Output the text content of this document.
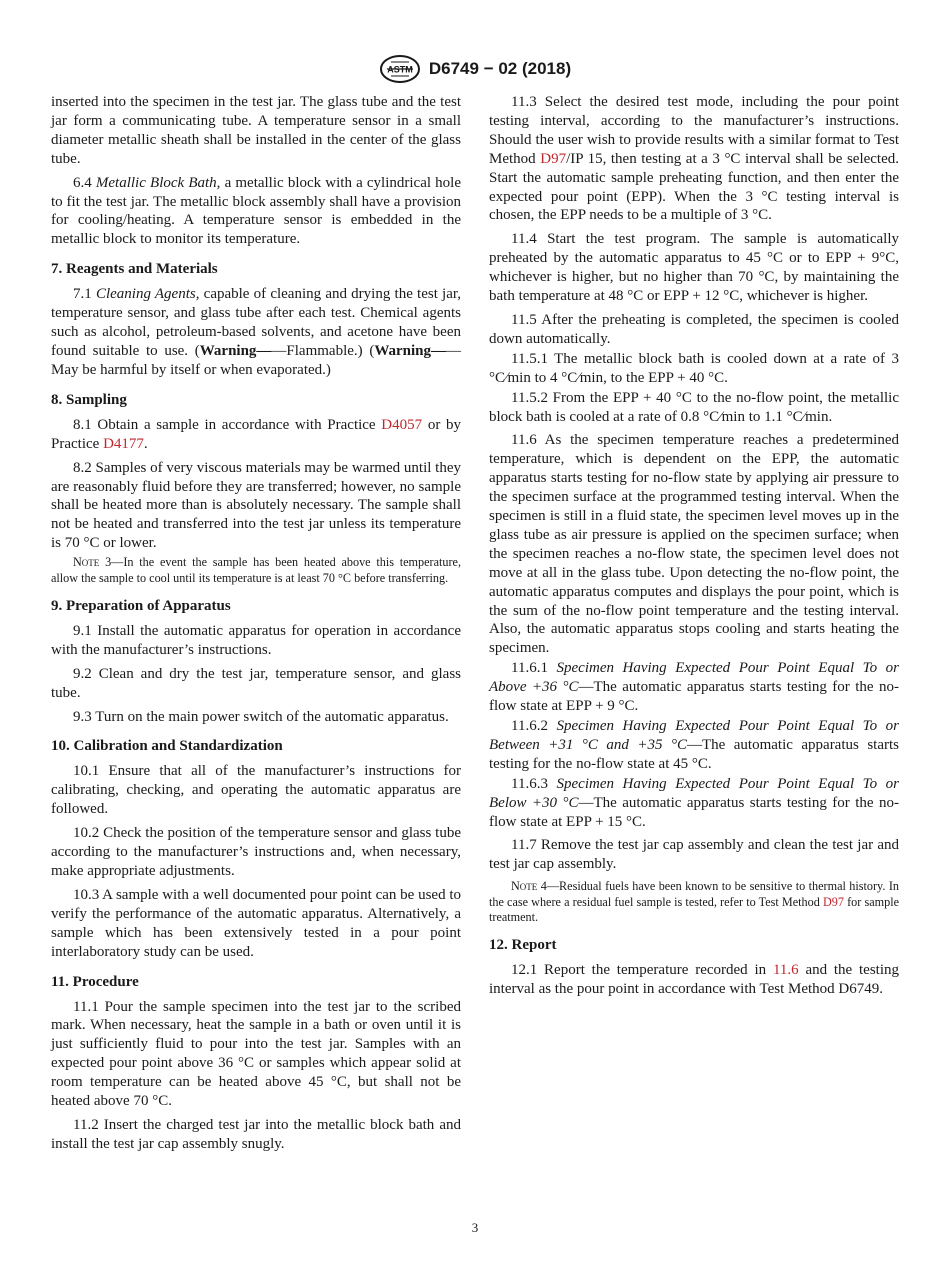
ASTM D6749 − 02 (2018)

inserted into the specimen in the test jar. The glass tube and the test jar form a communicating tube. A temperature sensor in a small diameter metallic sheath shall be installed in the center of the glass tube.

6.4 Metallic Block Bath, a metallic block with a cylindrical hole to fit the test jar. The metallic block assembly shall have a provision for cooling/heating. A temperature sensor is embedded in the metallic block to monitor its temperature.

7. Reagents and Materials

7.1 Cleaning Agents, capable of cleaning and drying the test jar, temperature sensor, and glass tube after each test. Chemical agents such as alcohol, petroleum-based solvents, and acetone have been found suitable to use. (Warning——Flammable.) (Warning——May be harmful by itself or when evaporated.)

8. Sampling

8.1 Obtain a sample in accordance with Practice D4057 or by Practice D4177.

8.2 Samples of very viscous materials may be warmed until they are reasonably fluid before they are transferred; however, no sample shall be heated more than is absolutely necessary. The sample shall not be heated and transferred into the test jar unless its temperature is 70 °C or lower.

Note 3—In the event the sample has been heated above this temperature, allow the sample to cool until its temperature is at least 70 °C before transferring.

9. Preparation of Apparatus

9.1 Install the automatic apparatus for operation in accordance with the manufacturer’s instructions.

9.2 Clean and dry the test jar, temperature sensor, and glass tube.

9.3 Turn on the main power switch of the automatic apparatus.

10. Calibration and Standardization

10.1 Ensure that all of the manufacturer’s instructions for calibrating, checking, and operating the automatic apparatus are followed.

10.2 Check the position of the temperature sensor and glass tube according to the manufacturer’s instructions and, when necessary, make appropriate adjustments.

10.3 A sample with a well documented pour point can be used to verify the performance of the automatic apparatus. Alternatively, a sample which has been extensively tested in a pour point interlaboratory study can be used.

11. Procedure

11.1 Pour the sample specimen into the test jar to the scribed mark. When necessary, heat the sample in a bath or oven until it is just sufficiently fluid to pour into the test jar. Samples with an expected pour point above 36 °C or samples which appear solid at room temperature can be heated above 45 °C, but shall not be heated above 70 °C.

11.2 Insert the charged test jar into the metallic block bath and install the test jar cap assembly snugly.

11.3 Select the desired test mode, including the pour point testing interval, according to the manufacturer’s instructions. Should the user wish to provide results with a similar format to Test Method D97/IP 15, then testing at a 3 °C interval shall be selected. Start the automatic sample preheating function, and then enter the expected pour point (EPP). When the 3 °C testing interval is chosen, the EPP needs to be a multiple of 3 °C.

11.4 Start the test program. The sample is automatically preheated by the automatic apparatus to 45 °C or to EPP + 9°C, whichever is higher, but no higher than 70 °C, by maintaining the bath temperature at 48 °C or EPP + 12 °C, whichever is higher.

11.5 After the preheating is completed, the specimen is cooled down automatically.

11.5.1 The metallic block bath is cooled down at a rate of 3 °C⁄min to 4 °C⁄min, to the EPP + 40 °C.

11.5.2 From the EPP + 40 °C to the no-flow point, the metallic block bath is cooled at a rate of 0.8 °C⁄min to 1.1 °C⁄min.

11.6 As the specimen temperature reaches a predetermined temperature, which is dependent on the EPP, the automatic apparatus starts testing for no-flow state by applying air pressure to the specimen surface at the programmed testing interval. When the specimen is still in a fluid state, the specimen level moves up in the glass tube as air pressure is applied on the specimen surface; when the specimen reaches a no-flow state, the specimen level does not move at all in the glass tube. Upon detecting the no-flow point, the automatic apparatus computes and displays the pour point, which is the sum of the no-flow point temperature and the testing interval. Also, the automatic apparatus stops cooling and starts heating the specimen.

11.6.1 Specimen Having Expected Pour Point Equal To or Above +36 °C—The automatic apparatus starts testing for the no-flow state at EPP + 9 °C.

11.6.2 Specimen Having Expected Pour Point Equal To or Between +31 °C and +35 °C—The automatic apparatus starts testing for the no-flow state at 45 °C.

11.6.3 Specimen Having Expected Pour Point Equal To or Below +30 °C—The automatic apparatus starts testing for the no-flow state at EPP + 15 °C.

11.7 Remove the test jar cap assembly and clean the test jar and test jar cap assembly.

Note 4—Residual fuels have been known to be sensitive to thermal history. In the case where a residual fuel sample is tested, refer to Test Method D97 for sample treatment.

12. Report

12.1 Report the temperature recorded in 11.6 and the testing interval as the pour point in accordance with Test Method D6749.

3
